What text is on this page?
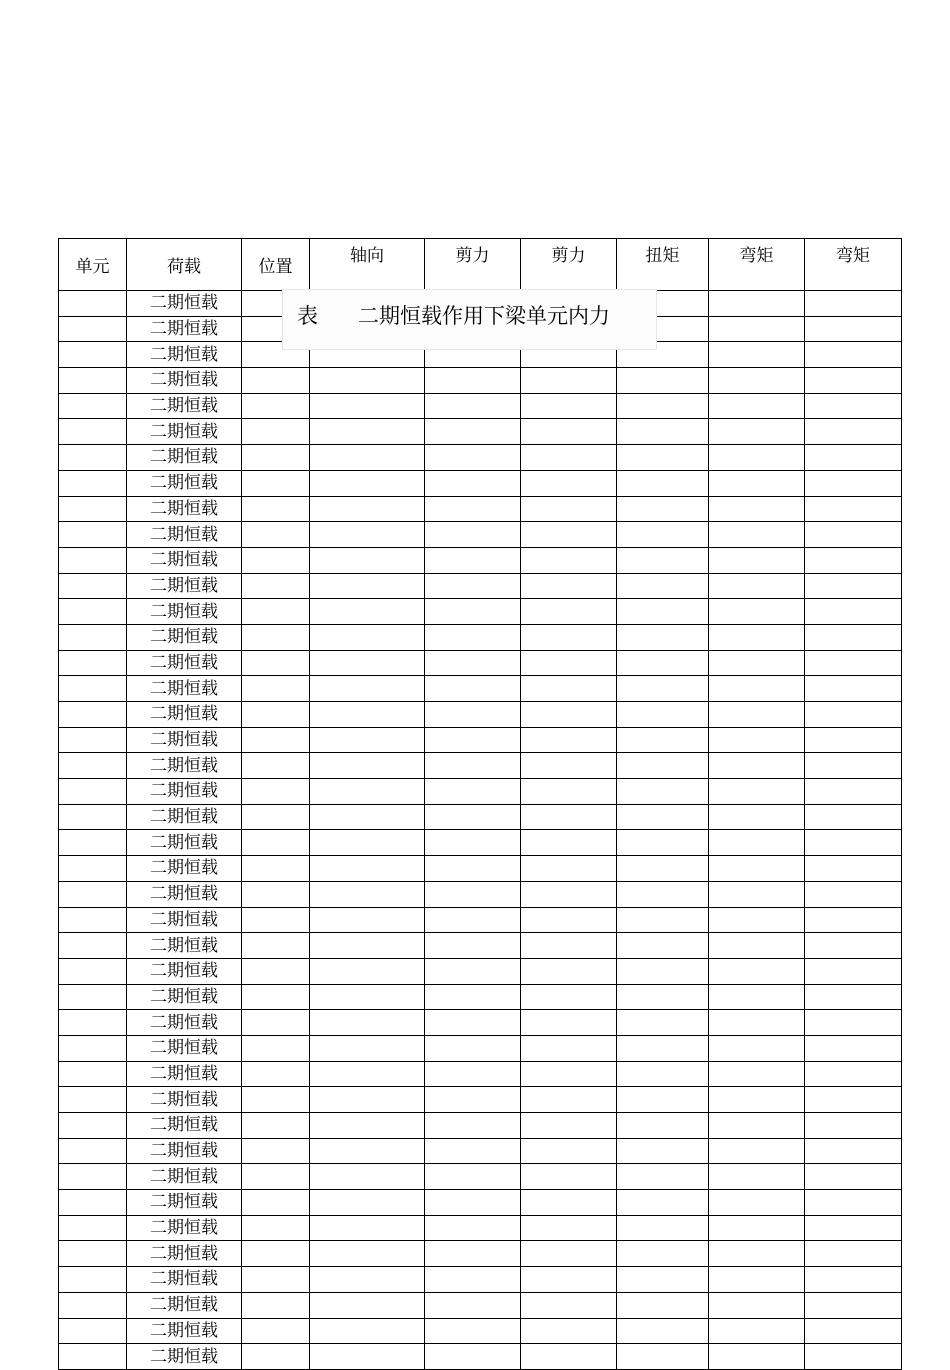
单元	荷载	位置	轴向	剪力	剪力	扭矩	弯矩	弯矩
	二期恒载							
	二期恒载							
	二期恒载							
	二期恒载							
	二期恒载							
	二期恒载							
	二期恒载							
	二期恒载							
	二期恒载							
	二期恒载							
	二期恒载							
	二期恒载							
	二期恒载							
	二期恒载							
	二期恒载							
	二期恒载							
	二期恒载							
	二期恒载							
	二期恒载							
	二期恒载							
	二期恒载							
	二期恒载							
	二期恒载							
	二期恒载							
	二期恒载							
	二期恒载							
	二期恒载							
	二期恒载							
	二期恒载							
	二期恒载							
	二期恒载							
	二期恒载							
	二期恒载							
	二期恒载							
	二期恒载							
	二期恒载							
	二期恒载							
	二期恒载							
	二期恒载							
	二期恒载							
	二期恒载							
	二期恒载							
表 二期恒载作用下梁单元内力
